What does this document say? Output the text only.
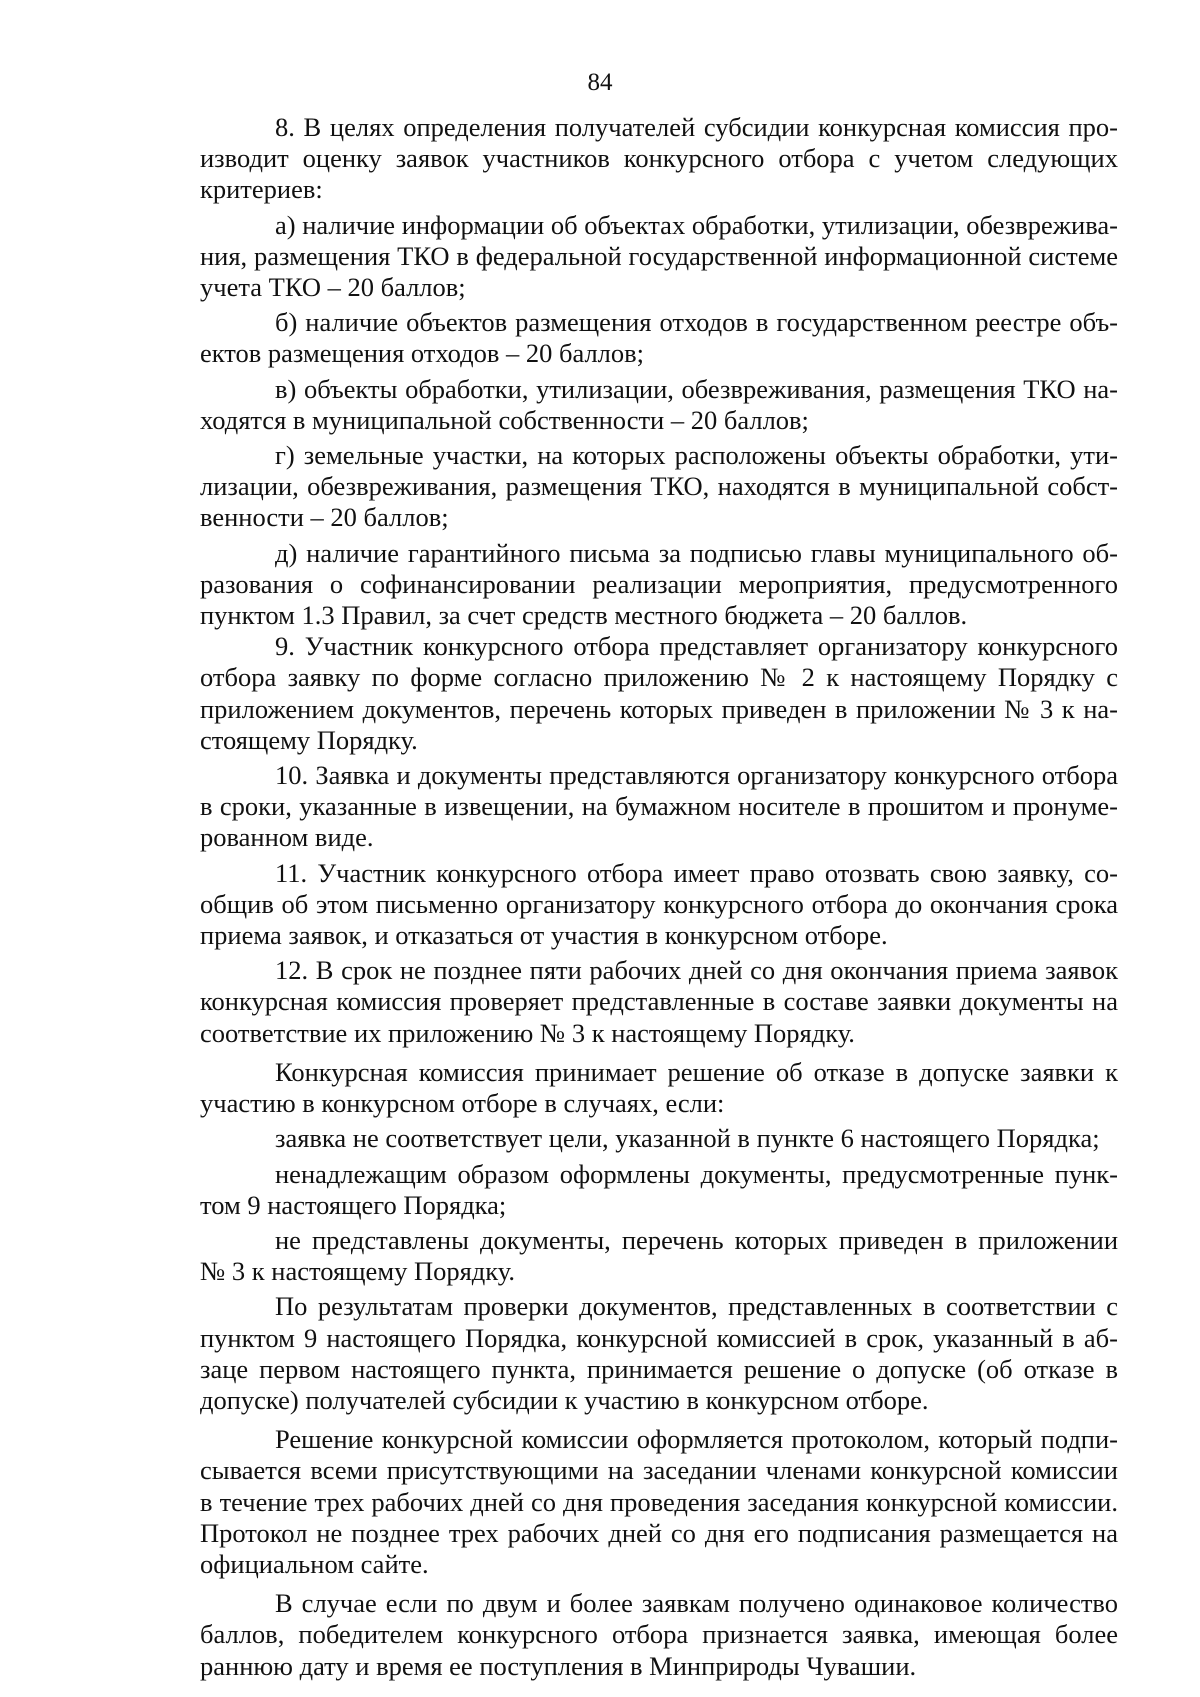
84

8. В целях определения получателей субсидии конкурсная комиссия производит оценку заявок участников конкурсного отбора с учетом следующих критериев:

а) наличие информации об объектах обработки, утилизации, обезвреживания, размещения ТКО в федеральной государственной информационной системе учета ТКО – 20 баллов;

б) наличие объектов размещения отходов в государственном реестре объектов размещения отходов – 20 баллов;

в) объекты обработки, утилизации, обезвреживания, размещения ТКО находятся в муниципальной собственности – 20 баллов;

г) земельные участки, на которых расположены объекты обработки, утилизации, обезвреживания, размещения ТКО, находятся в муниципальной собственности – 20 баллов;

д) наличие гарантийного письма за подписью главы муниципального образования о софинансировании реализации мероприятия, предусмотренного пунктом 1.3 Правил, за счет средств местного бюджета – 20 баллов.

9. Участник конкурсного отбора представляет организатору конкурсного отбора заявку по форме согласно приложению № 2 к настоящему Порядку с приложением документов, перечень которых приведен в приложении № 3 к настоящему Порядку.

10. Заявка и документы представляются организатору конкурсного отбора в сроки, указанные в извещении, на бумажном носителе в прошитом и пронумерованном виде.

11. Участник конкурсного отбора имеет право отозвать свою заявку, сообщив об этом письменно организатору конкурсного отбора до окончания срока приема заявок, и отказаться от участия в конкурсном отборе.

12. В срок не позднее пяти рабочих дней со дня окончания приема заявок конкурсная комиссия проверяет представленные в составе заявки документы на соответствие их приложению № 3 к настоящему Порядку.

Конкурсная комиссия принимает решение об отказе в допуске заявки к участию в конкурсном отборе в случаях, если:

заявка не соответствует цели, указанной в пункте 6 настоящего Порядка;

ненадлежащим образом оформлены документы, предусмотренные пунктом 9 настоящего Порядка;

не представлены документы, перечень которых приведен в приложении № 3 к настоящему Порядку.

По результатам проверки документов, представленных в соответствии с пунктом 9 настоящего Порядка, конкурсной комиссией в срок, указанный в абзаце первом настоящего пункта, принимается решение о допуске (об отказе в допуске) получателей субсидии к участию в конкурсном отборе.

Решение конкурсной комиссии оформляется протоколом, который подписывается всеми присутствующими на заседании членами конкурсной комиссии в течение трех рабочих дней со дня проведения заседания конкурсной комиссии. Протокол не позднее трех рабочих дней со дня его подписания размещается на официальном сайте.

В случае если по двум и более заявкам получено одинаковое количество баллов, победителем конкурсного отбора признается заявка, имеющая более раннюю дату и время ее поступления в Минприроды Чувашии.
